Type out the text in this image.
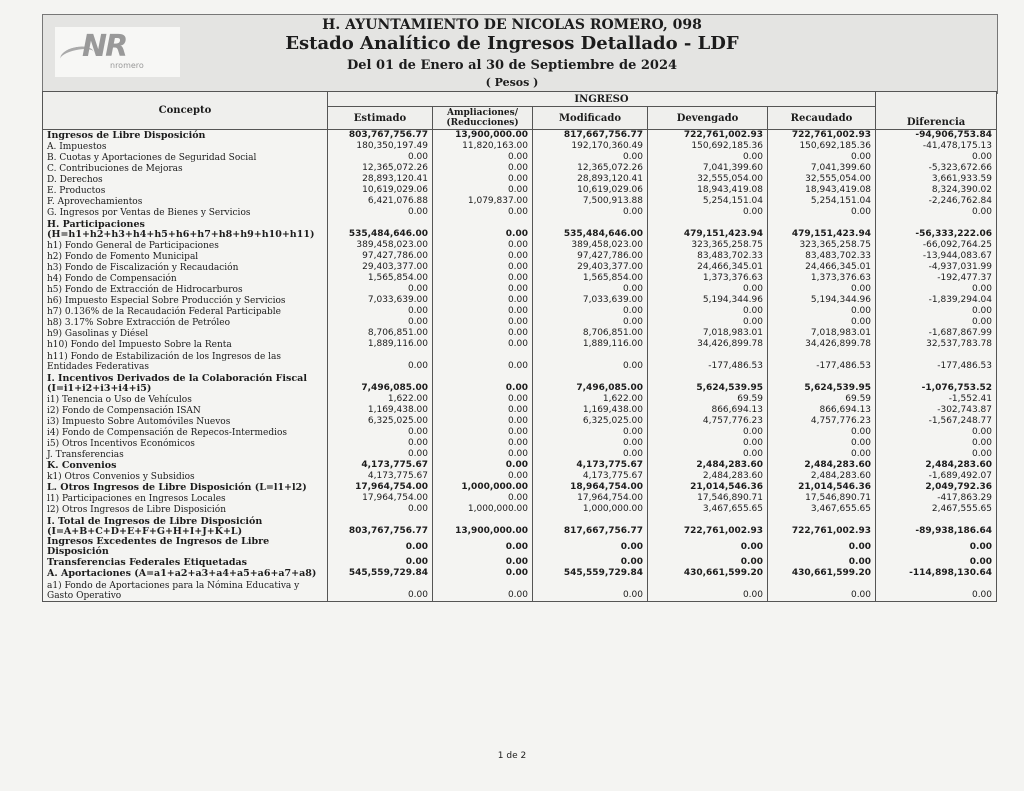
NR
nromero
H. AYUNTAMIENTO DE NICOLAS ROMERO, 098
Estado Analítico de Ingresos Detallado - LDF
Del 01 de Enero al 30 de Septiembre de 2024
( Pesos )
Concepto	INGRESO					Diferencia
	Estimado	Ampliaciones/ (Reducciones)	Modificado	Devengado	Recaudado	
Ingresos de Libre Disposición	803,767,756.77	13,900,000.00	817,667,756.77	722,761,002.93	722,761,002.93	-94,906,753.84
A. Impuestos	180,350,197.49	11,820,163.00	192,170,360.49	150,692,185.36	150,692,185.36	-41,478,175.13
B. Cuotas y Aportaciones de Seguridad Social	0.00	0.00	0.00	0.00	0.00	0.00
C. Contribuciones de Mejoras	12,365,072.26	0.00	12,365,072.26	7,041,399.60	7,041,399.60	-5,323,672.66
D. Derechos	28,893,120.41	0.00	28,893,120.41	32,555,054.00	32,555,054.00	3,661,933.59
E. Productos	10,619,029.06	0.00	10,619,029.06	18,943,419.08	18,943,419.08	8,324,390.02
F. Aprovechamientos	6,421,076.88	1,079,837.00	7,500,913.88	5,254,151.04	5,254,151.04	-2,246,762.84
G. Ingresos por Ventas de Bienes y Servicios	0.00	0.00	0.00	0.00	0.00	0.00
H. Participaciones (H=h1+h2+h3+h4+h5+h6+h7+h8+h9+h10+h11)	535,484,646.00	0.00	535,484,646.00	479,151,423.94	479,151,423.94	-56,333,222.06
h1) Fondo General de Participaciones	389,458,023.00	0.00	389,458,023.00	323,365,258.75	323,365,258.75	-66,092,764.25
h2) Fondo de Fomento Municipal	97,427,786.00	0.00	97,427,786.00	83,483,702.33	83,483,702.33	-13,944,083.67
h3) Fondo de Fiscalización y Recaudación	29,403,377.00	0.00	29,403,377.00	24,466,345.01	24,466,345.01	-4,937,031.99
h4) Fondo de Compensación	1,565,854.00	0.00	1,565,854.00	1,373,376.63	1,373,376.63	-192,477.37
h5) Fondo de Extracción de Hidrocarburos	0.00	0.00	0.00	0.00	0.00	0.00
h6) Impuesto Especial Sobre Producción y Servicios	7,033,639.00	0.00	7,033,639.00	5,194,344.96	5,194,344.96	-1,839,294.04
h7) 0.136% de la Recaudación Federal Participable	0.00	0.00	0.00	0.00	0.00	0.00
h8) 3.17% Sobre Extracción de Petróleo	0.00	0.00	0.00	0.00	0.00	0.00
h9) Gasolinas y Diésel	8,706,851.00	0.00	8,706,851.00	7,018,983.01	7,018,983.01	-1,687,867.99
h10) Fondo del Impuesto Sobre la Renta	1,889,116.00	0.00	1,889,116.00	34,426,899.78	34,426,899.78	32,537,783.78
h11) Fondo de Estabilización de los Ingresos de las Entidades Federativas	0.00	0.00	0.00	-177,486.53	-177,486.53	-177,486.53
I. Incentivos Derivados de la Colaboración Fiscal (I=i1+i2+i3+i4+i5)	7,496,085.00	0.00	7,496,085.00	5,624,539.95	5,624,539.95	-1,076,753.52
i1) Tenencia o Uso de Vehículos	1,622.00	0.00	1,622.00	69.59	69.59	-1,552.41
i2) Fondo de Compensación ISAN	1,169,438.00	0.00	1,169,438.00	866,694.13	866,694.13	-302,743.87
i3) Impuesto Sobre Automóviles Nuevos	6,325,025.00	0.00	6,325,025.00	4,757,776.23	4,757,776.23	-1,567,248.77
i4) Fondo de Compensación de Repecos-Intermedios	0.00	0.00	0.00	0.00	0.00	0.00
i5) Otros Incentivos Económicos	0.00	0.00	0.00	0.00	0.00	0.00
J. Transferencias	0.00	0.00	0.00	0.00	0.00	0.00
K. Convenios	4,173,775.67	0.00	4,173,775.67	2,484,283.60	2,484,283.60	2,484,283.60
k1) Otros Convenios y Subsidios	4,173,775.67	0.00	4,173,775.67	2,484,283.60	2,484,283.60	-1,689,492.07
L. Otros Ingresos de Libre Disposición (L=l1+l2)	17,964,754.00	1,000,000.00	18,964,754.00	21,014,546.36	21,014,546.36	2,049,792.36
l1) Participaciones en Ingresos Locales	17,964,754.00	0.00	17,964,754.00	17,546,890.71	17,546,890.71	-417,863.29
l2) Otros Ingresos de Libre Disposición	0.00	1,000,000.00	1,000,000.00	3,467,655.65	3,467,655.65	2,467,555.65
I. Total de Ingresos de Libre Disposición (I=A+B+C+D+E+F+G+H+I+J+K+L)	803,767,756.77	13,900,000.00	817,667,756.77	722,761,002.93	722,761,002.93	-89,938,186.64
Ingresos Excedentes de Ingresos de Libre Disposición	0.00	0.00	0.00	0.00	0.00	0.00
Transferencias Federales Etiquetadas	0.00	0.00	0.00	0.00	0.00	0.00
A. Aportaciones (A=a1+a2+a3+a4+a5+a6+a7+a8)	545,559,729.84	0.00	545,559,729.84	430,661,599.20	430,661,599.20	-114,898,130.64
a1) Fondo de Aportaciones para la Nómina Educativa y Gasto Operativo	0.00	0.00	0.00	0.00	0.00	0.00
1 de 2
